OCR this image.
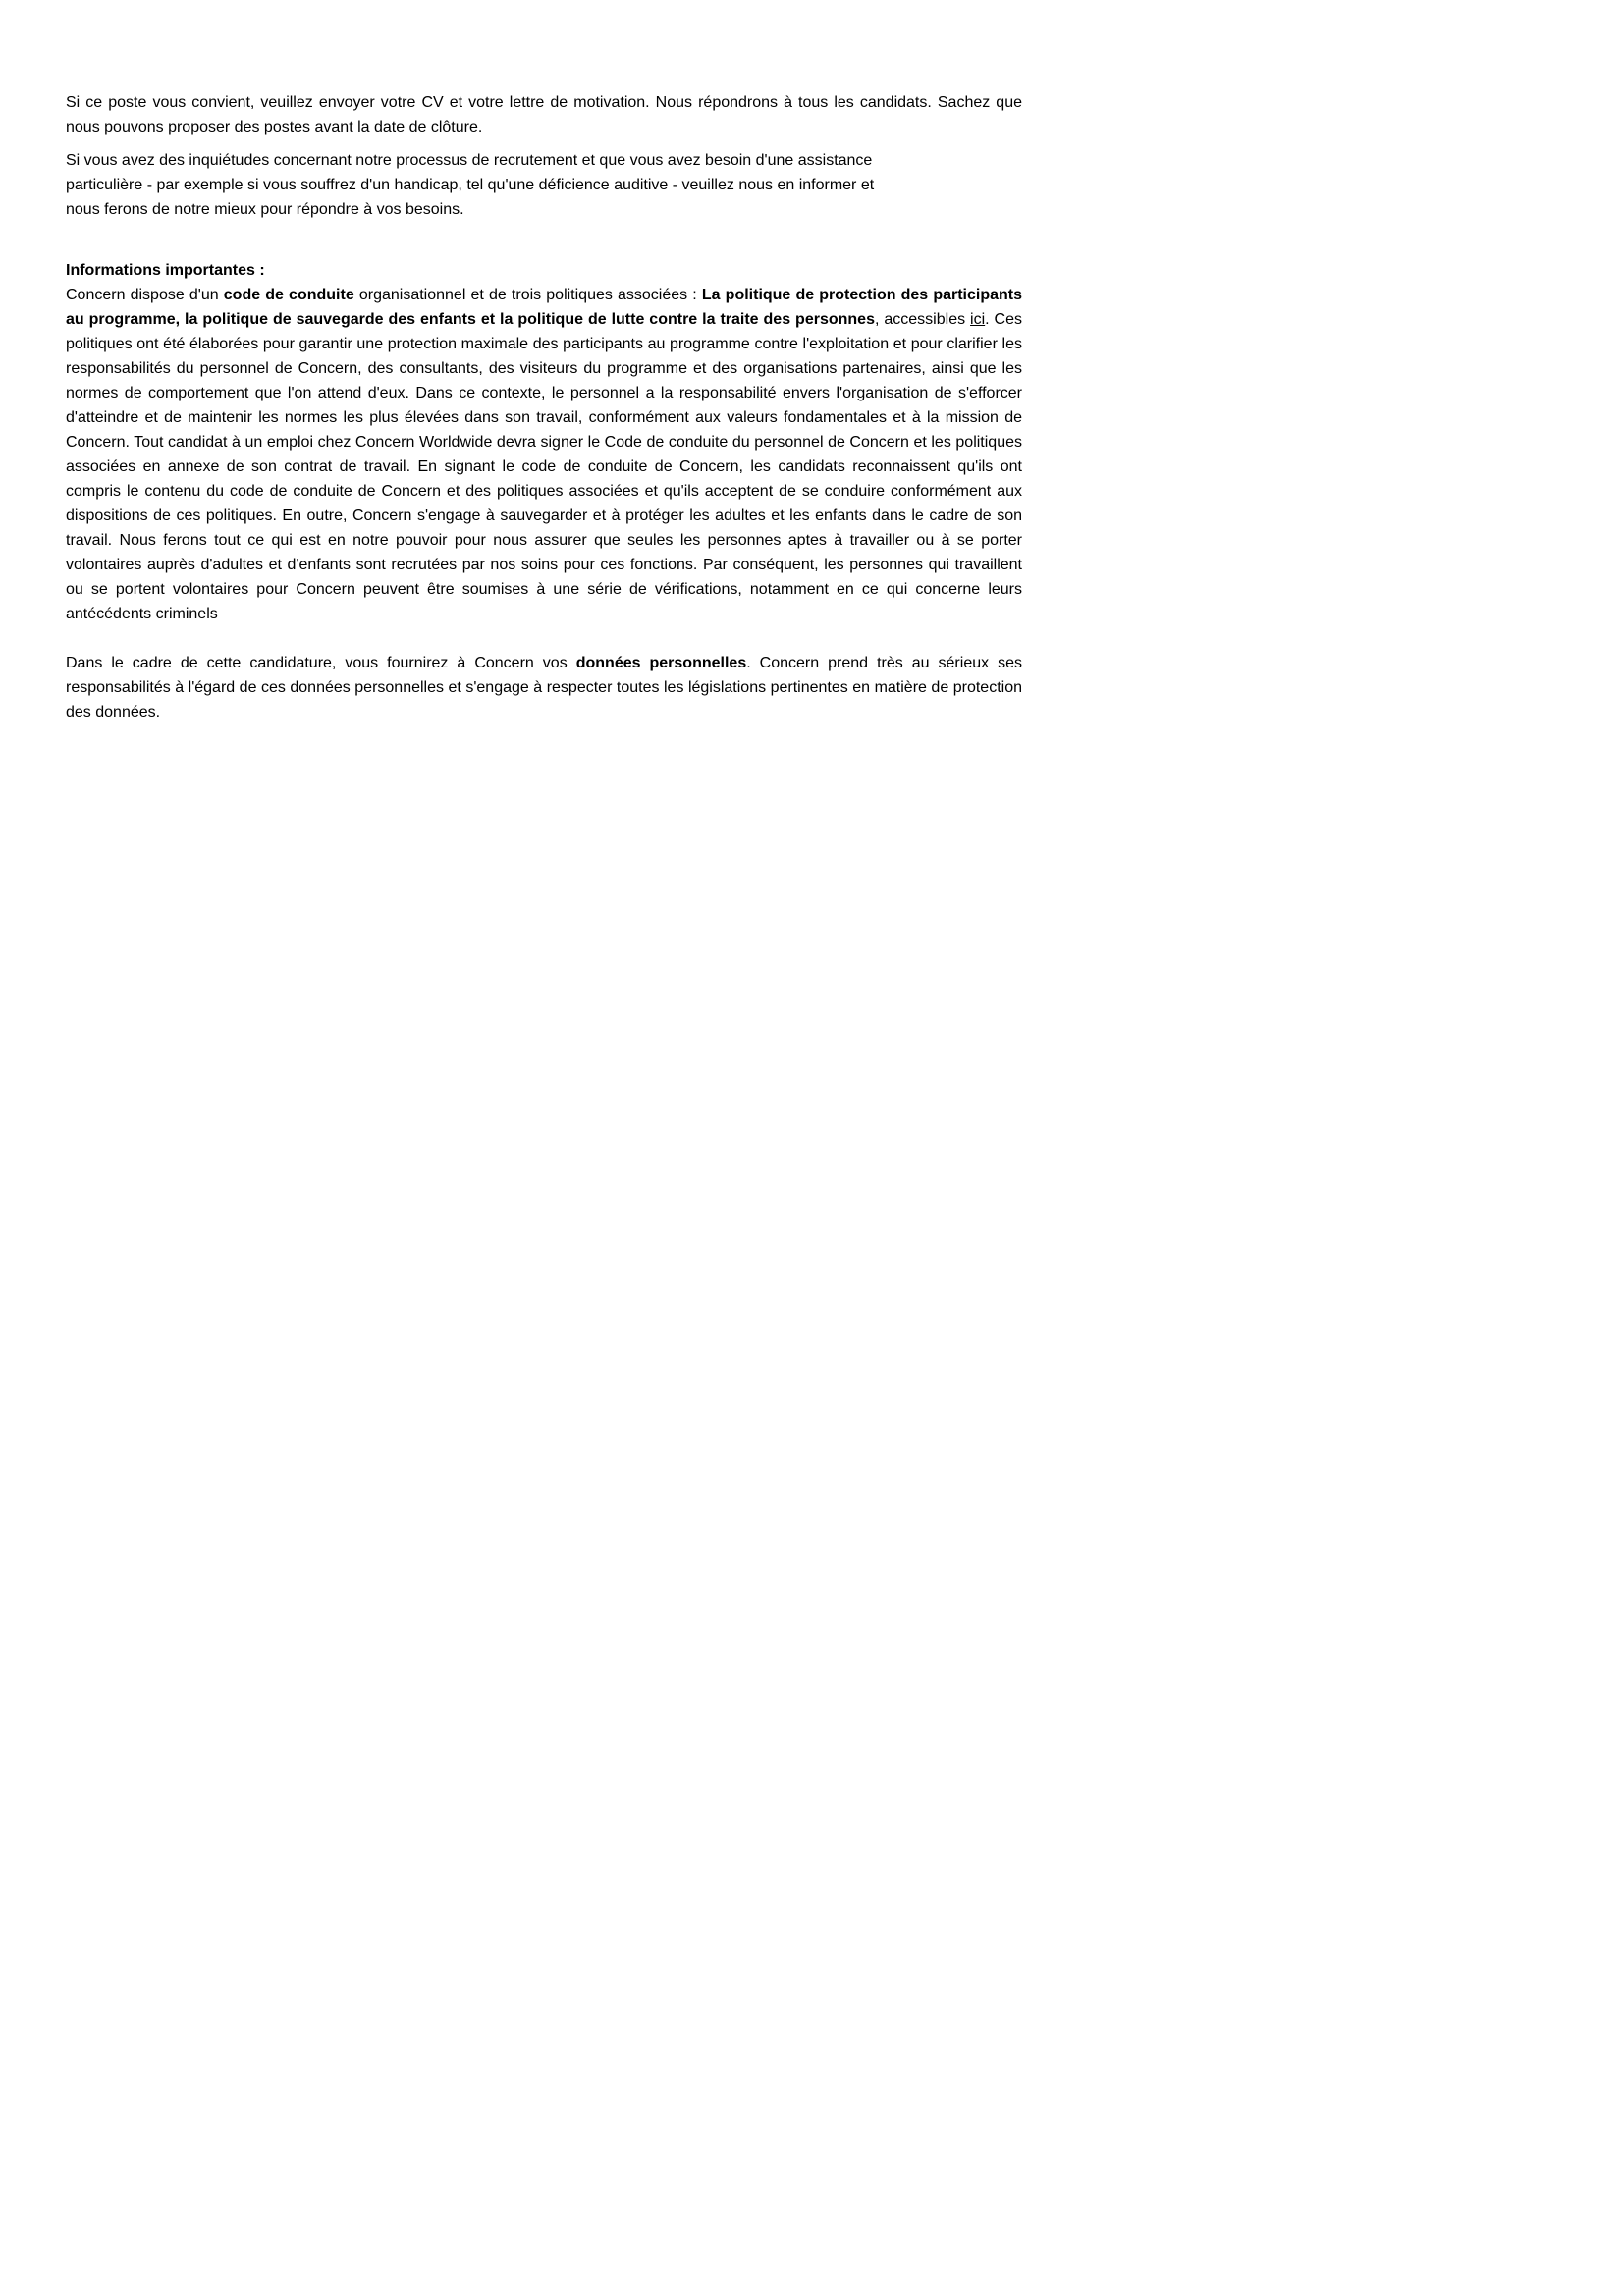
Si ce poste vous convient, veuillez envoyer votre CV et votre lettre de motivation. Nous répondrons à tous les candidats. Sachez que nous pouvons proposer des postes avant la date de clôture.

Si vous avez des inquiétudes concernant notre processus de recrutement et que vous avez besoin d'une assistance
particulière - par exemple si vous souffrez d'un handicap, tel qu'une déficience auditive - veuillez nous en informer et
nous ferons de notre mieux pour répondre à vos besoins.

Informations importantes :

Concern dispose d'un code de conduite organisationnel et de trois politiques associées : La politique de protection des participants au programme, la politique de sauvegarde des enfants et la politique de lutte contre la traite des personnes, accessibles ici. Ces politiques ont été élaborées pour garantir une protection maximale des participants au programme contre l'exploitation et pour clarifier les responsabilités du personnel de Concern, des consultants, des visiteurs du programme et des organisations partenaires, ainsi que les normes de comportement que l'on attend d'eux. Dans ce contexte, le personnel a la responsabilité envers l'organisation de s'efforcer d'atteindre et de maintenir les normes les plus élevées dans son travail, conformément aux valeurs fondamentales et à la mission de Concern. Tout candidat à un emploi chez Concern Worldwide devra signer le Code de conduite du personnel de Concern et les politiques associées en annexe de son contrat de travail. En signant le code de conduite de Concern, les candidats reconnaissent qu'ils ont compris le contenu du code de conduite de Concern et des politiques associées et qu'ils acceptent de se conduire conformément aux dispositions de ces politiques. En outre, Concern s'engage à sauvegarder et à protéger les adultes et les enfants dans le cadre de son travail. Nous ferons tout ce qui est en notre pouvoir pour nous assurer que seules les personnes aptes à travailler ou à se porter volontaires auprès d'adultes et d'enfants sont recrutées par nos soins pour ces fonctions. Par conséquent, les personnes qui travaillent ou se portent volontaires pour Concern peuvent être soumises à une série de vérifications, notamment en ce qui concerne leurs antécédents criminels

Dans le cadre de cette candidature, vous fournirez à Concern vos données personnelles. Concern prend très au sérieux ses responsabilités à l'égard de ces données personnelles et s'engage à respecter toutes les législations pertinentes en matière de protection des données.
